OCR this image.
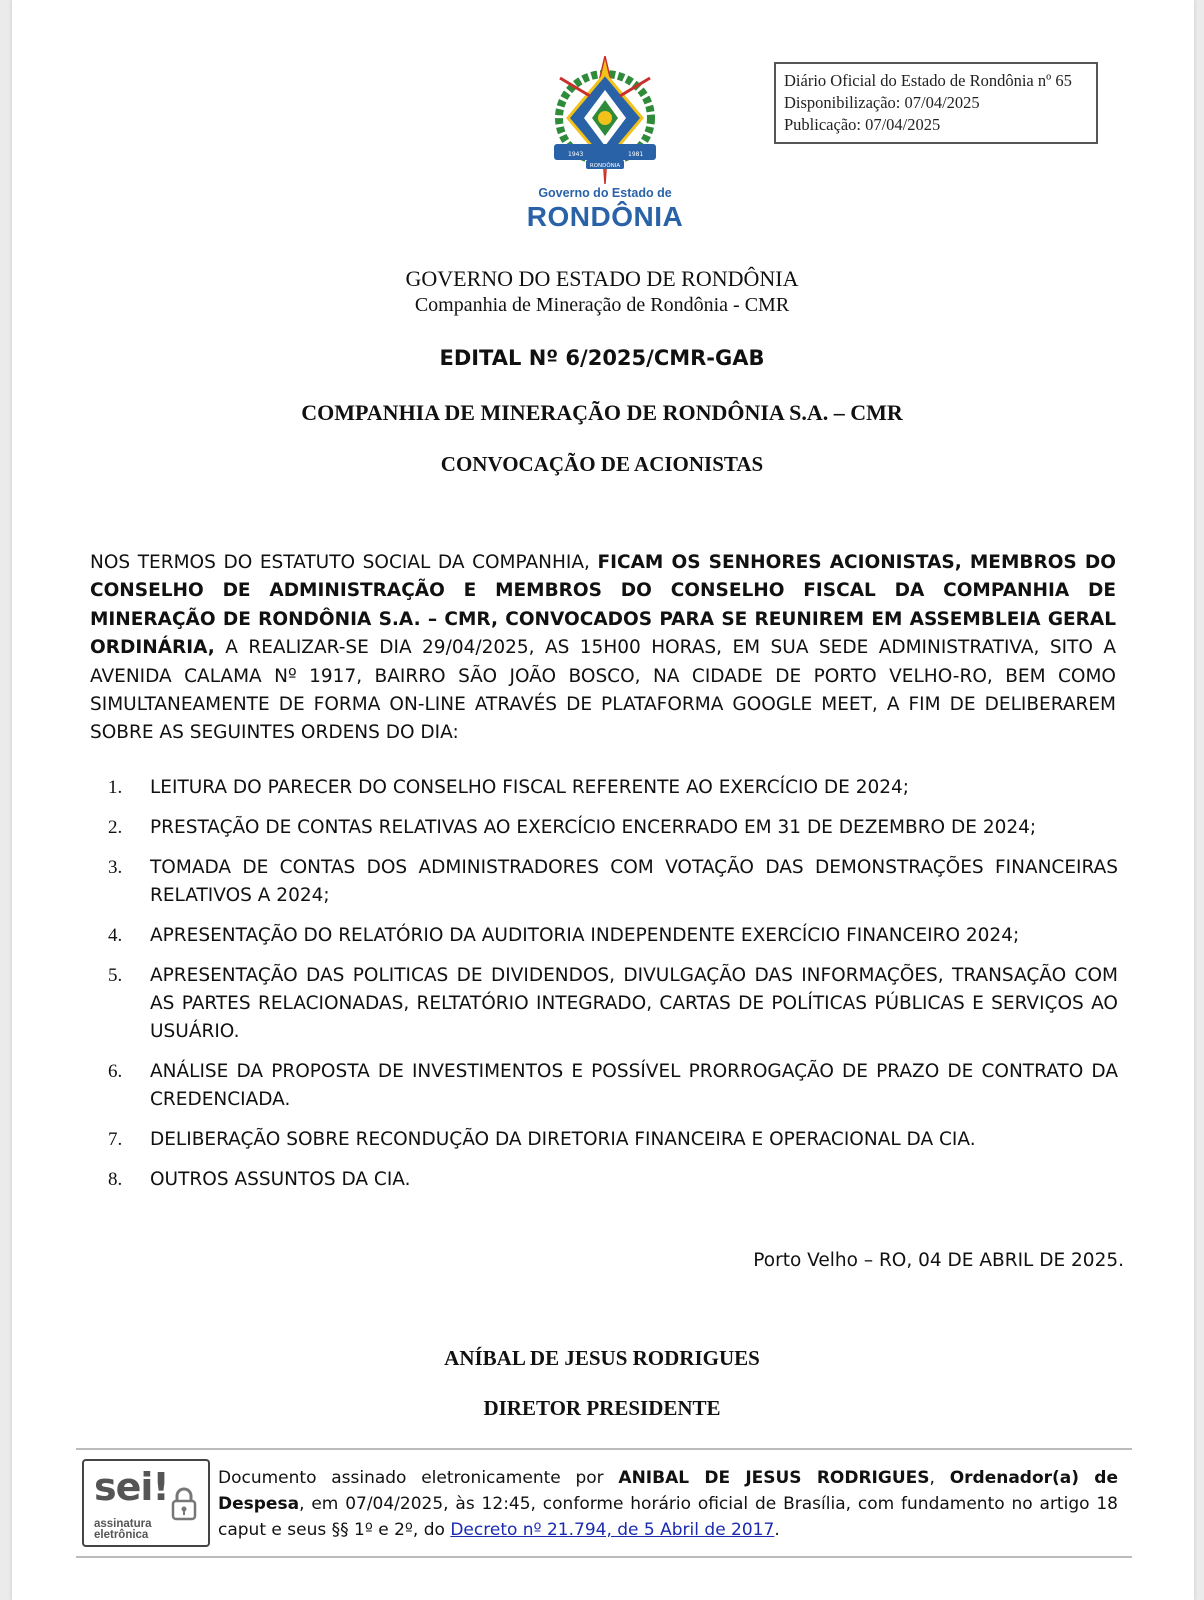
Diário Oficial do Estado de Rondônia nº 65
Disponibilização: 07/04/2025
Publicação: 07/04/2025
1943	1981
RONDÔNIA
Governo do Estado de
RONDÔNIA
GOVERNO DO ESTADO DE RONDÔNIA
Companhia de Mineração de Rondônia - CMR
EDITAL Nº 6/2025/CMR-GAB
COMPANHIA DE MINERAÇÃO DE RONDÔNIA S.A. – CMR
CONVOCAÇÃO DE ACIONISTAS
NOS TERMOS DO ESTATUTO SOCIAL DA COMPANHIA, FICAM OS SENHORES ACIONISTAS, MEMBROS DO CONSELHO DE ADMINISTRAÇÃO E MEMBROS DO CONSELHO FISCAL DA COMPANHIA DE MINERAÇÃO DE RONDÔNIA S.A. – CMR, CONVOCADOS PARA SE REUNIREM EM ASSEMBLEIA GERAL ORDINÁRIA, A REALIZAR-SE DIA 29/04/2025, AS 15H00 HORAS, EM SUA SEDE ADMINISTRATIVA, SITO A AVENIDA CALAMA Nº 1917, BAIRRO SÃO JOÃO BOSCO, NA CIDADE DE PORTO VELHO-RO, BEM COMO SIMULTANEAMENTE DE FORMA ON-LINE ATRAVÉS DE PLATAFORMA GOOGLE MEET, A FIM DE DELIBERAREM SOBRE AS SEGUINTES ORDENS DO DIA:
1. LEITURA DO PARECER DO CONSELHO FISCAL REFERENTE AO EXERCÍCIO DE 2024;
2. PRESTAÇÃO DE CONTAS RELATIVAS AO EXERCÍCIO ENCERRADO EM 31 DE DEZEMBRO DE 2024;
3. TOMADA DE CONTAS DOS ADMINISTRADORES COM VOTAÇÃO DAS DEMONSTRAÇÕES FINANCEIRAS RELATIVOS A 2024;
4. APRESENTAÇÃO DO RELATÓRIO DA AUDITORIA INDEPENDENTE EXERCÍCIO FINANCEIRO 2024;
5. APRESENTAÇÃO DAS POLITICAS DE DIVIDENDOS, DIVULGAÇÃO DAS INFORMAÇÕES, TRANSAÇÃO COM AS PARTES RELACIONADAS, RELTATÓRIO INTEGRADO, CARTAS DE POLÍTICAS PÚBLICAS E SERVIÇOS AO USUÁRIO.
6. ANÁLISE DA PROPOSTA DE INVESTIMENTOS E POSSÍVEL PRORROGAÇÃO DE PRAZO DE CONTRATO DA CREDENCIADA.
7. DELIBERAÇÃO SOBRE RECONDUÇÃO DA DIRETORIA FINANCEIRA E OPERACIONAL DA CIA.
8. OUTROS ASSUNTOS DA CIA.
Porto Velho – RO, 04 DE ABRIL DE 2025.
ANÍBAL DE JESUS RODRIGUES
DIRETOR PRESIDENTE
sei!
assinatura
eletrônica
Documento assinado eletronicamente por ANIBAL DE JESUS RODRIGUES, Ordenador(a) de Despesa, em 07/04/2025, às 12:45, conforme horário oficial de Brasília, com fundamento no artigo 18 caput e seus §§ 1º e 2º, do Decreto nº 21.794, de 5 Abril de 2017.
